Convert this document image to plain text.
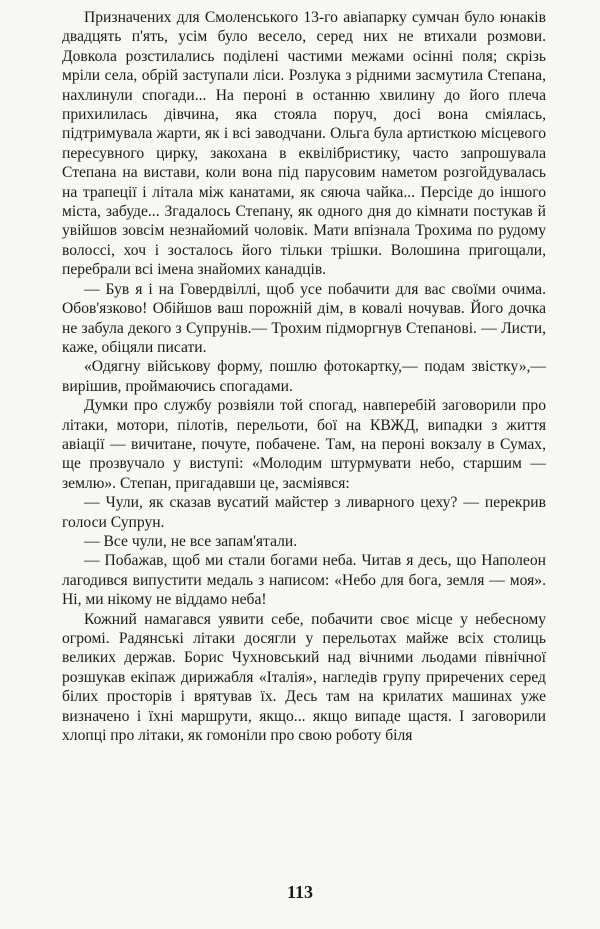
Призначених для Смоленського 13-го авіапарку сумчан було юнаків двадцять п'ять, усім було весело, серед них не втихали розмови. Довкола розстилались поділені частими межами осінні поля; скрізь мріли села, обрій заступали ліси. Розлука з рідними засмутила Степана, нахлинули спогади... На пероні в останню хвилину до його плеча прихилилась дівчина, яка стояла поруч, досі вона сміялась, підтримувала жарти, як і всі заводчани. Ольга була артисткою місцевого пересувного цирку, закохана в еквілібристику, часто запрошувала Степана на вистави, коли вона під парусовим наметом розгойдувалась на трапеції і літала між канатами, як сяюча чайка... Персіде до іншого міста, забуде... Згадалось Степану, як одного дня до кімнати постукав й увійшов зовсім незнайомий чоловік. Мати впізнала Трохима по рудому волоссі, хоч і зосталось його тільки трішки. Волошина пригощали, перебрали всі імена знайомих канадців.

— Був я і на Говердвіллі, щоб усе побачити для вас своїми очима. Обов'язково! Обійшов ваш порожній дім, в ковалі ночував. Його дочка не забула декого з Супрунів.— Трохим підморгнув Степанові. — Листи, каже, обіцяли писати.

«Одягну військову форму, пошлю фотокартку,— подам звістку»,— вирішив, проймаючись спогадами.

Думки про службу розвіяли той спогад, навперебій заговорили про літаки, мотори, пілотів, перельоти, бої на КВЖД, випадки з життя авіації — вичитане, почуте, побачене. Там, на пероні вокзалу в Сумах, ще прозвучало у виступі: «Молодим штурмувати небо, старшим — землю». Степан, пригадавши це, засміявся:

— Чули, як сказав вусатий майстер з ливарного цеху? — перекрив голоси Супрун.

— Все чули, не все запам'ятали.

— Побажав, щоб ми стали богами неба. Читав я десь, що Наполеон лагодився випустити медаль з написом: «Небо для бога, земля — моя». Ні, ми нікому не віддамо неба!

Кожний намагався уявити себе, побачити своє місце у небесному огромі. Радянські літаки досягли у перельотах майже всіх столиць великих держав. Борис Чухновський над вічними льодами північної розшукав екіпаж дирижабля «Італія», нагледів групу приречених серед білих просторів і врятував їх. Десь там на крилатих машинах уже визначено і їхні маршрути, якщо... якщо випаде щастя. І заговорили хлопці про літаки, як гомоніли про свою роботу біля

113
